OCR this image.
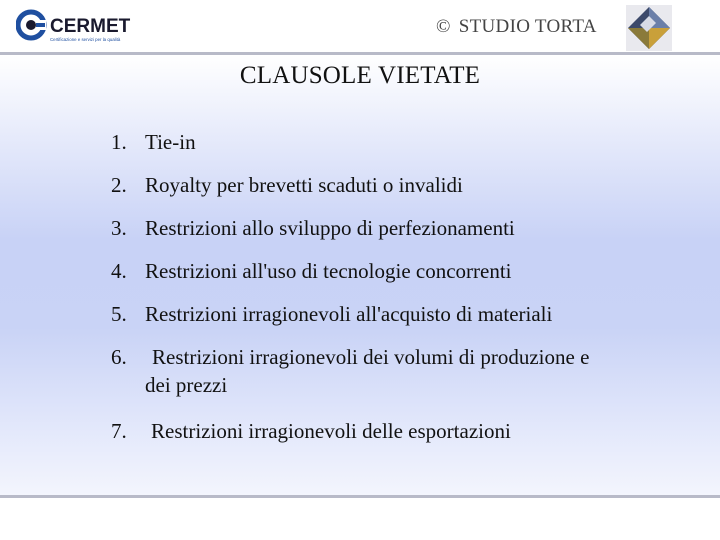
CERMET
Certificazione e servizi per la qualità
© STUDIO TORTA
CLAUSOLE VIETATE
1. Tie-in
2. Royalty per brevetti scaduti o invalidi
3. Restrizioni allo sviluppo di perfezionamenti
4. Restrizioni all'uso di tecnologie concorrenti
5. Restrizioni irragionevoli all'acquisto di materiali
6. Restrizioni irragionevoli dei volumi di produzione e
dei prezzi
7. Restrizioni irragionevoli delle esportazioni
